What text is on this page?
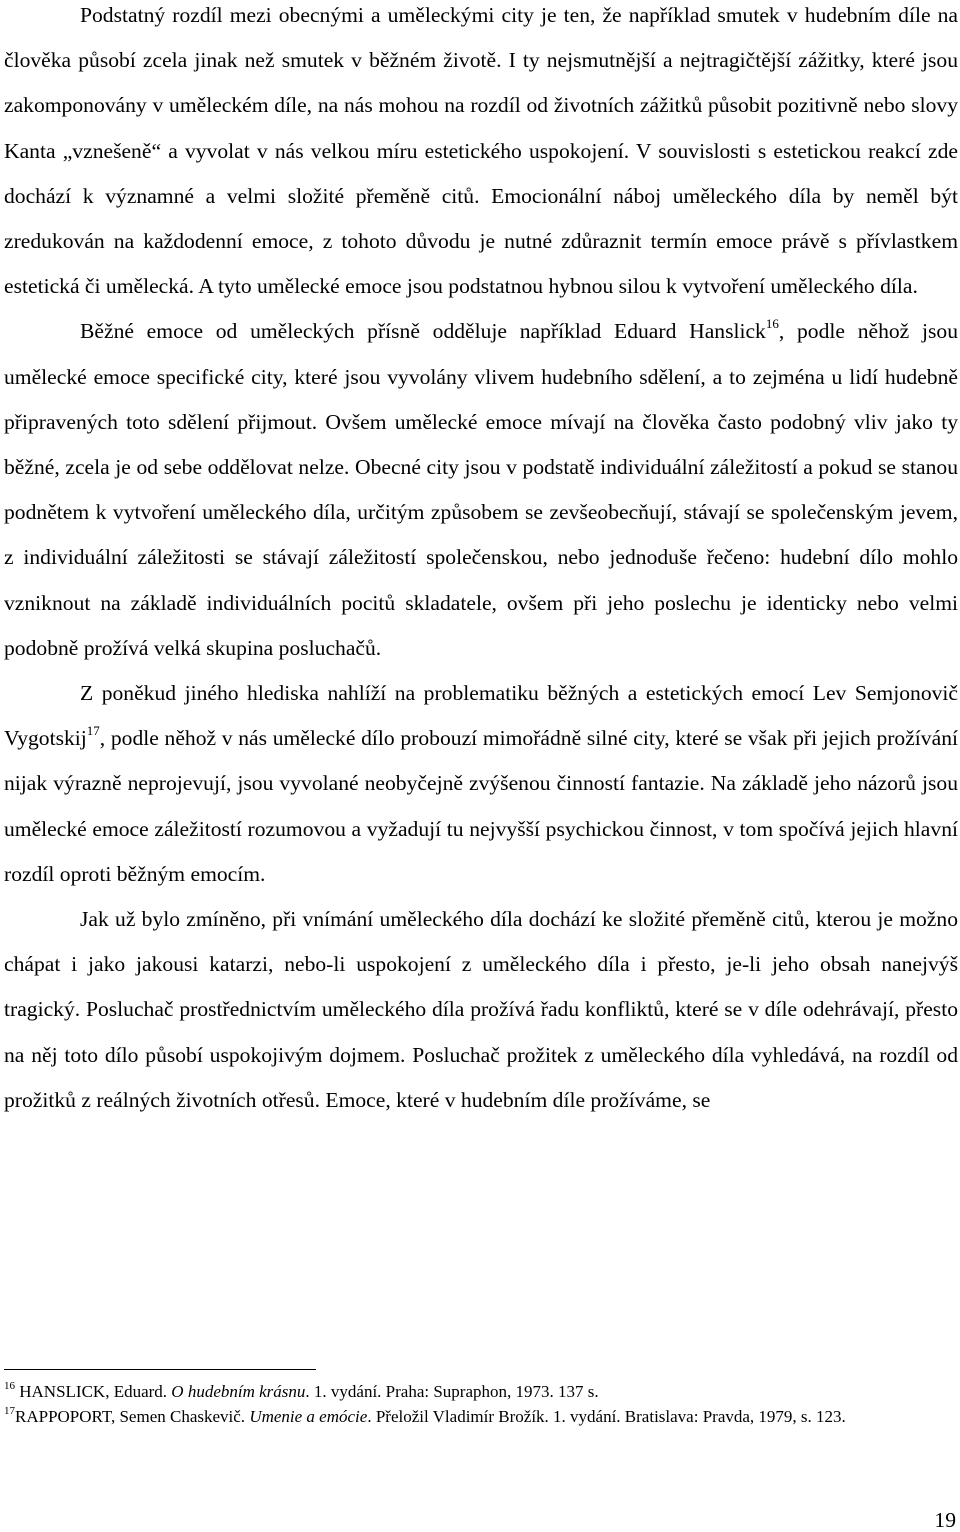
Podstatný rozdíl mezi obecnými a uměleckými city je ten, že například smutek v hudebním díle na člověka působí zcela jinak než smutek v běžném životě. I ty nejsmutnější a nejtragičtější zážitky, které jsou zakomponovány v uměleckém díle, na nás mohou na rozdíl od životních zážitků působit pozitivně nebo slovy Kanta „vznešeně“ a vyvolat v nás velkou míru estetického uspokojení. V souvislosti s estetickou reakcí zde dochází k významné a velmi složité přeměně citů. Emocionální náboj uměleckého díla by neměl být zredukován na každodenní emoce, z tohoto důvodu je nutné zdůraznit termín emoce právě s přívlastkem estetická či umělecká. A tyto umělecké emoce jsou podstatnou hybnou silou k vytvoření uměleckého díla.

Běžné emoce od uměleckých přísně odděluje například Eduard Hanslick$^{16}$, podle něhož jsou umělecké emoce specifické city, které jsou vyvolány vlivem hudebního sdělení, a to zejména u lidí hudebně připravených toto sdělení přijmout. Ovšem umělecké emoce mívají na člověka často podobný vliv jako ty běžné, zcela je od sebe oddělovat nelze. Obecné city jsou v podstatě individuální záležitostí a pokud se stanou podnětem k vytvoření uměleckého díla, určitým způsobem se zevšeobecňují, stávají se společenským jevem, z individuální záležitosti se stávají záležitostí společenskou, nebo jednoduše řečeno: hudební dílo mohlo vzniknout na základě individuálních pocitů skladatele, ovšem při jeho poslechu je identicky nebo velmi podobně prožívá velká skupina posluchačů.

Z poněkud jiného hlediska nahlíží na problematiku běžných a estetických emocí Lev Semjonovič Vygotskij$^{17}$, podle něhož v nás umělecké dílo probouzí mimořádně silné city, které se však při jejich prožívání nijak výrazně neprojevují, jsou vyvolané neobyčejně zvýšenou činností fantazie. Na základě jeho názorů jsou umělecké emoce záležitostí rozumovou a vyžadují tu nejvyšší psychickou činnost, v tom spočívá jejich hlavní rozdíl oproti běžným emocím.

Jak už bylo zmíněno, při vnímání uměleckého díla dochází ke složité přeměně citů, kterou je možno chápat i jako jakousi katarzi, nebo-li uspokojení z uměleckého díla i přesto, je-li jeho obsah nanejvýš tragický. Posluchač prostřednictvím uměleckého díla prožívá řadu konfliktů, které se v díle odehrávají, přesto na něj toto dílo působí uspokojivým dojmem. Posluchač prožitek z uměleckého díla vyhledává, na rozdíl od prožitků z reálných životních otřesů. Emoce, které v hudebním díle prožíváme, se

$^{16}$ HANSLICK, Eduard. O hudebním krásnu. 1. vydání. Praha: Supraphon, 1973. 137 s.

$^{17}$RAPPOPORT, Semen Chaskevič. Umenie a emócie. Přeložil Vladimír Brožík. 1. vydání. Bratislava: Pravda, 1979, s. 123.

19
